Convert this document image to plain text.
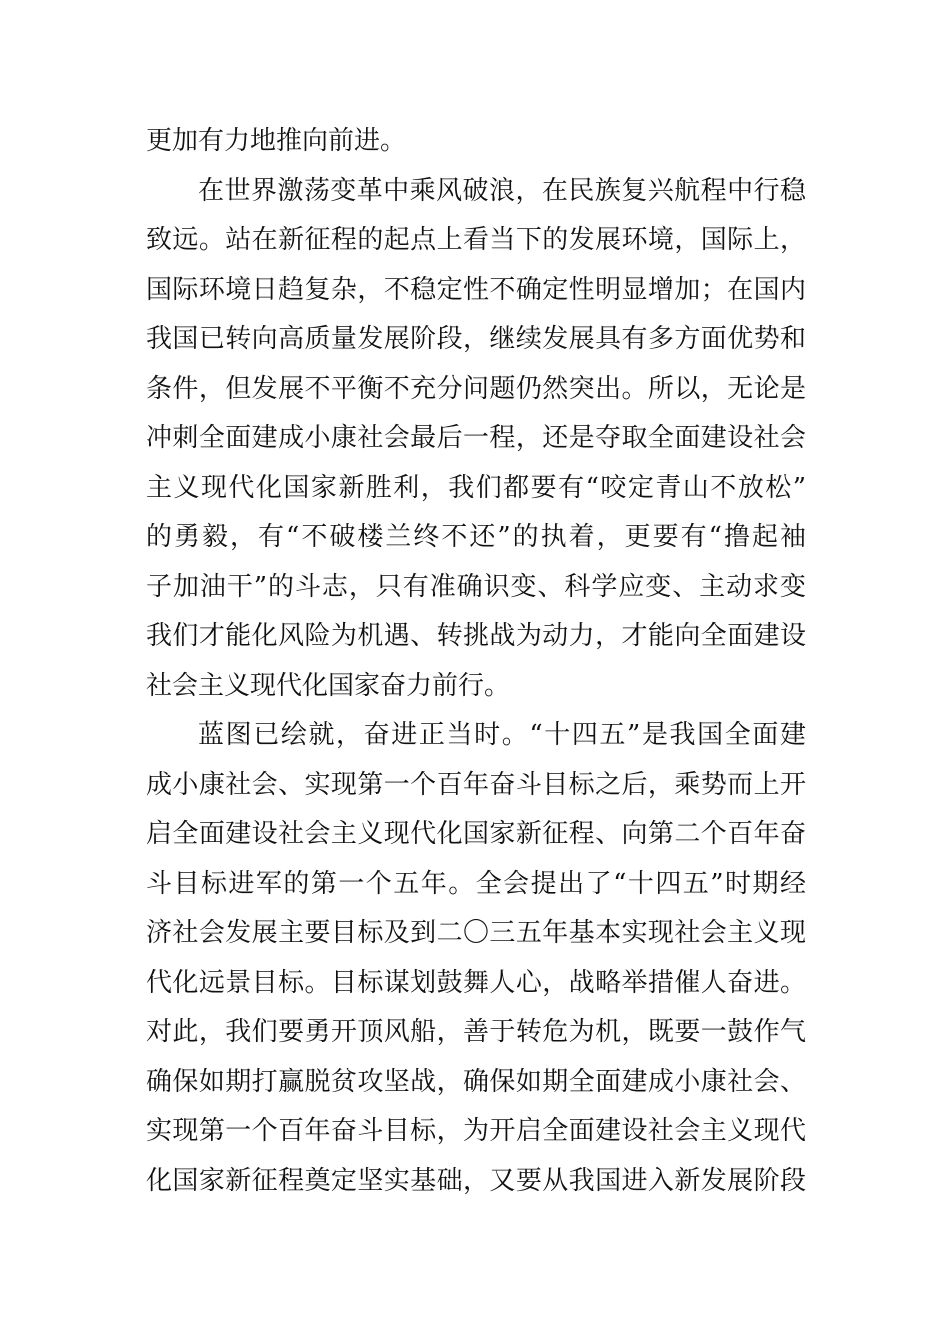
更加有力地推向前进。
在世界激荡变革中乘风破浪，在民族复兴航程中行稳
致远。站在新征程的起点上看当下的发展环境，国际上，
国际环境日趋复杂，不稳定性不确定性明显增加；在国内
我国已转向高质量发展阶段，继续发展具有多方面优势和
条件，但发展不平衡不充分问题仍然突出。所以，无论是
冲刺全面建成小康社会最后一程，还是夺取全面建设社会
主义现代化国家新胜利，我们都要有“咬定青山不放松”
的勇毅，有“不破楼兰终不还”的执着，更要有“撸起袖
子加油干”的斗志，只有准确识变、科学应变、主动求变
我们才能化风险为机遇、转挑战为动力，才能向全面建设
社会主义现代化国家奋力前行。
蓝图已绘就，奋进正当时。“十四五”是我国全面建
成小康社会、实现第一个百年奋斗目标之后，乘势而上开
启全面建设社会主义现代化国家新征程、向第二个百年奋
斗目标进军的第一个五年。全会提出了“十四五”时期经
济社会发展主要目标及到二〇三五年基本实现社会主义现
代化远景目标。目标谋划鼓舞人心，战略举措催人奋进。
对此，我们要勇开顶风船，善于转危为机，既要一鼓作气
确保如期打赢脱贫攻坚战，确保如期全面建成小康社会、
实现第一个百年奋斗目标，为开启全面建设社会主义现代
化国家新征程奠定坚实基础，又要从我国进入新发展阶段
